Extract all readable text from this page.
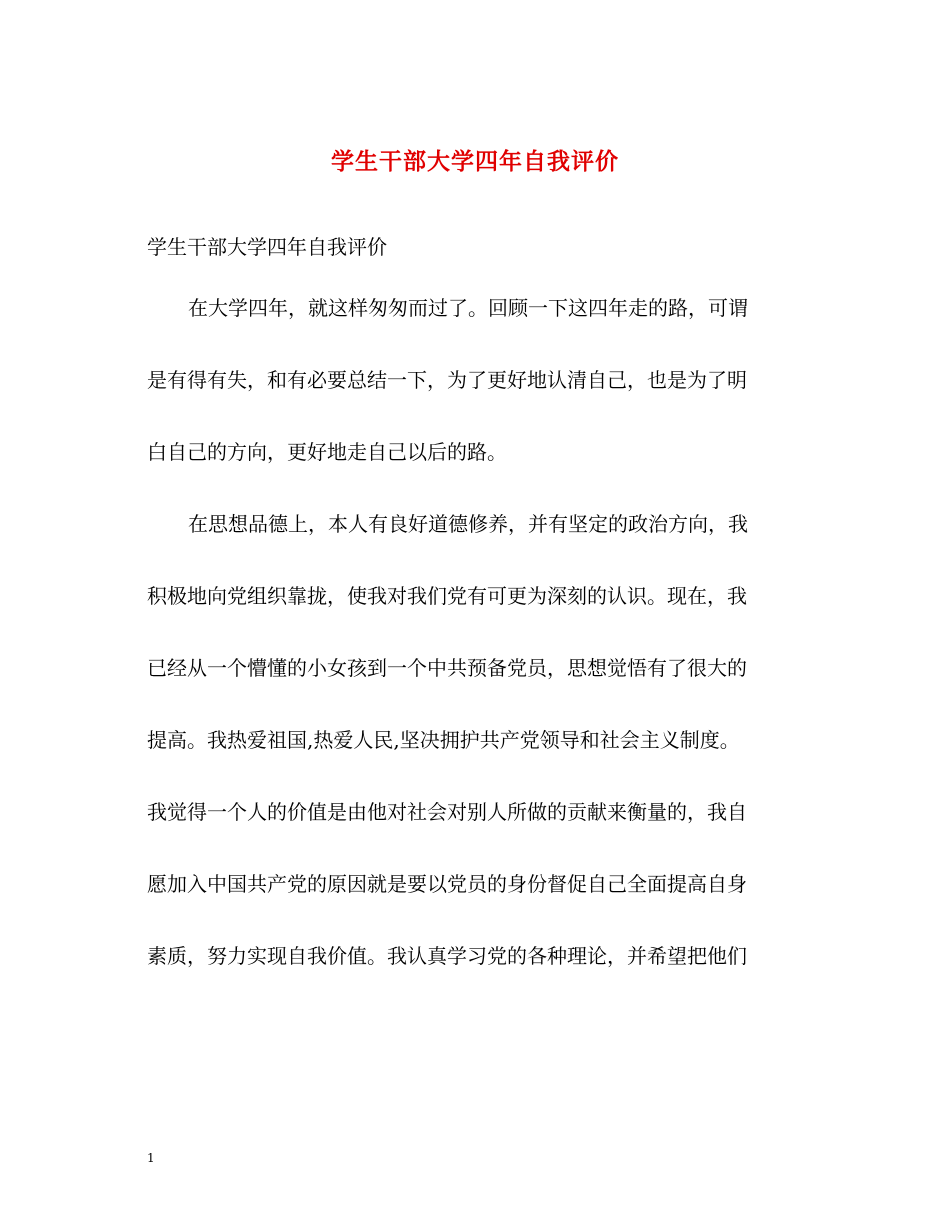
学生干部大学四年自我评价
学生干部大学四年自我评价
在大学四年，就这样匆匆而过了。回顾一下这四年走的路，可谓
是有得有失，和有必要总结一下，为了更好地认清自己，也是为了明
白自己的方向，更好地走自己以后的路。
在思想品德上，本人有良好道德修养，并有坚定的政治方向，我
积极地向党组织靠拢，使我对我们党有可更为深刻的认识。现在，我
已经从一个懵懂的小女孩到一个中共预备党员，思想觉悟有了很大的
提高。我热爱祖国,热爱人民,坚决拥护共产党领导和社会主义制度。
我觉得一个人的价值是由他对社会对别人所做的贡献来衡量的，我自
愿加入中国共产党的原因就是要以党员的身份督促自己全面提高自身
素质，努力实现自我价值。我认真学习党的各种理论，并希望把他们
1
